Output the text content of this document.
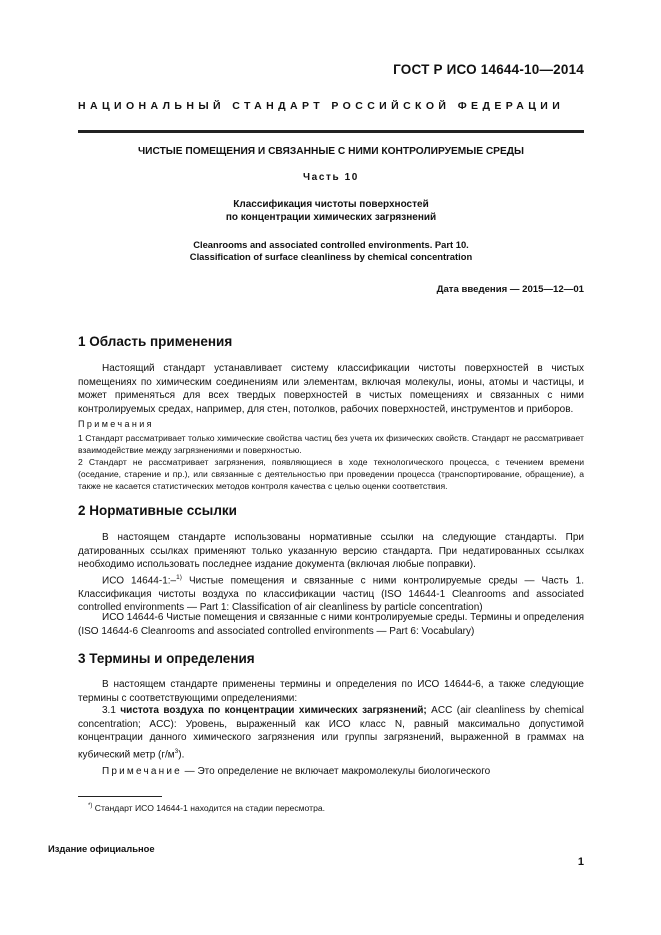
ГОСТ Р ИСО 14644-10—2014
НАЦИОНАЛЬНЫЙ СТАНДАРТ РОССИЙСКОЙ ФЕДЕРАЦИИ
ЧИСТЫЕ ПОМЕЩЕНИЯ И СВЯЗАННЫЕ С НИМИ КОНТРОЛИРУЕМЫЕ СРЕДЫ
Часть 10
Классификация чистоты поверхностей
по концентрации химических загрязнений
Cleanrooms and associated controlled environments. Part 10.
Classification of surface cleanliness by chemical concentration
Дата введения — 2015—12—01
1 Область применения
Настоящий стандарт устанавливает систему классификации чистоты поверхностей в чистых помещениях по химическим соединениям или элементам, включая молекулы, ионы, атомы и частицы, и может применяться для всех твердых поверхностей в чистых помещениях и связанных с ними контролируемых средах, например, для стен, потолков, рабочих поверхностей, инструментов и приборов.
Примечания
1 Стандарт рассматривает только химические свойства частиц без учета их физических свойств. Стандарт не рассматривает взаимодействие между загрязнениями и поверхностью.
2 Стандарт не рассматривает загрязнения, появляющиеся в ходе технологического процесса, с течением времени (оседание, старение и пр.), или связанные с деятельностью при проведении процесса (транспортирование, обращение), а также не касается статистических методов контроля качества с целью оценки соответствия.
2 Нормативные ссылки
В настоящем стандарте использованы нормативные ссылки на следующие стандарты. При датированных ссылках применяют только указанную версию стандарта. При недатированных ссылках необходимо использовать последнее издание документа (включая любые поправки).
ИСО 14644-1:–$^{1)}$ Чистые помещения и связанные с ними контролируемые среды — Часть 1. Классификация чистоты воздуха по классификации частиц (ISO 14644-1 Cleanrooms and associated controlled environments — Part 1: Classification of air cleanliness by particle concentration)
ИСО 14644-6 Чистые помещения и связанные с ними контролируемые среды. Термины и определения (ISO 14644-6 Cleanrooms and associated controlled environments — Part 6: Vocabulary)
3 Термины и определения
В настоящем стандарте применены термины и определения по ИСО 14644-6, а также следующие термины с соответствующими определениями:
3.1 чистота воздуха по концентрации химических загрязнений; ACC (air cleanliness by chemical concentration; ACC): Уровень, выраженный как ИСО класс N, равный максимально допустимой концентрации данного химического загрязнения или группы загрязнений, выраженной в граммах на кубический метр $(г/м^3)$.
Примечание — Это определение не включает макромолекулы биологического
*) Стандарт ИСО 14644-1 находится на стадии пересмотра.
Издание официальное
1
